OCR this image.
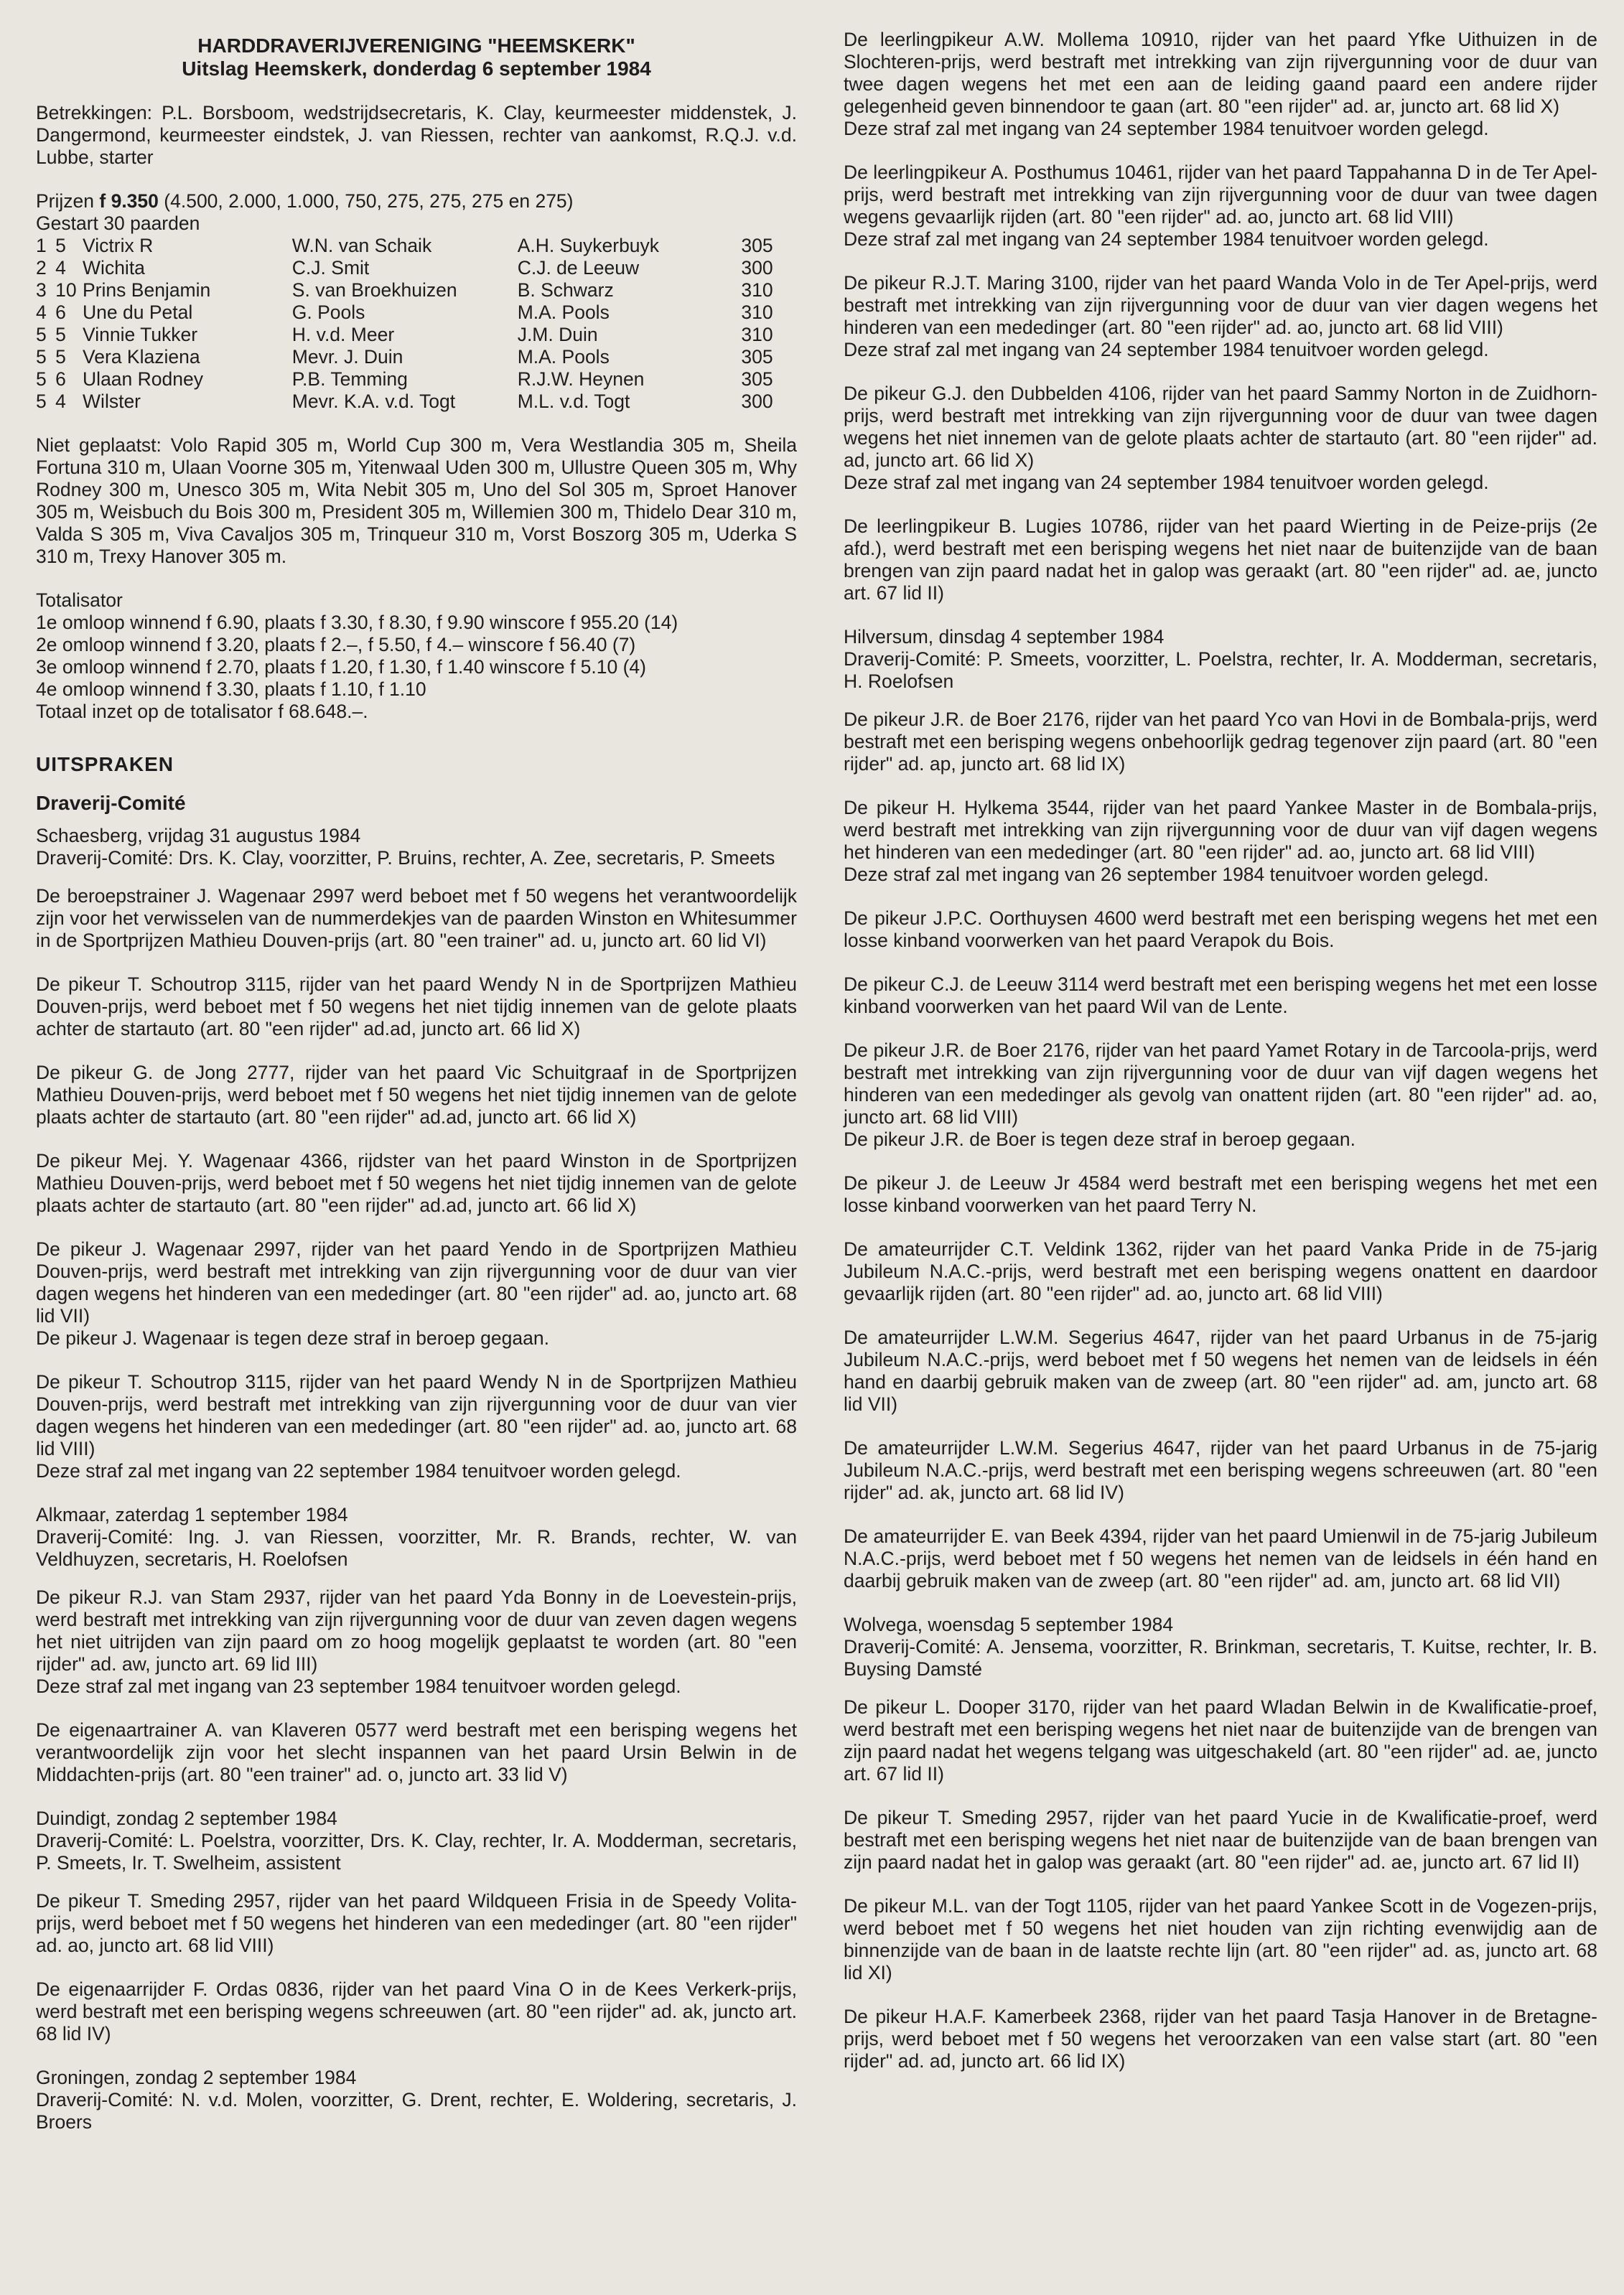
HARDDRAVERIJVERENIGING "HEEMSKERK"
Uitslag Heemskerk, donderdag 6 september 1984

Betrekkingen: P.L. Borsboom, wedstrijdsecretaris, K. Clay, keurmeester middenstek, J. Dangermond, keurmeester eindstek, J. van Riessen, rechter van aankomst, R.Q.J. v.d. Lubbe, starter

Prijzen f 9.350 (4.500, 2.000, 1.000, 750, 275, 275, 275 en 275)
Gestart 30 paarden
1	5	Victrix R	W.N. van Schaik	A.H. Suykerbuyk	305
2	4	Wichita	C.J. Smit	C.J. de Leeuw	300
3	10	Prins Benjamin	S. van Broekhuizen	B. Schwarz	310
4	6	Une du Petal	G. Pools	M.A. Pools	310
5	5	Vinnie Tukker	H. v.d. Meer	J.M. Duin	310
5	5	Vera Klaziena	Mevr. J. Duin	M.A. Pools	305
5	6	Ulaan Rodney	P.B. Temming	R.J.W. Heynen	305
5	4	Wilster	Mevr. K.A. v.d. Togt	M.L. v.d. Togt	300

Niet geplaatst: Volo Rapid 305 m, World Cup 300 m, Vera Westlandia 305 m, Sheila Fortuna 310 m, Ulaan Voorne 305 m, Yitenwaal Uden 300 m, Ullustre Queen 305 m, Why Rodney 300 m, Unesco 305 m, Wita Nebit 305 m, Uno del Sol 305 m, Sproet Hanover 305 m, Weisbuch du Bois 300 m, President 305 m, Willemien 300 m, Thidelo Dear 310 m, Valda S 305 m, Viva Cavaljos 305 m, Trinqueur 310 m, Vorst Boszorg 305 m, Uderka S 310 m, Trexy Hanover 305 m.

Totalisator
1e omloop winnend f 6.90, plaats f 3.30, f 8.30, f 9.90 winscore f 955.20 (14)
2e omloop winnend f 3.20, plaats f 2.–, f 5.50, f 4.– winscore f 56.40 (7)
3e omloop winnend f 2.70, plaats f 1.20, f 1.30, f 1.40 winscore f 5.10 (4)
4e omloop winnend f 3.30, plaats f 1.10, f 1.10
Totaal inzet op de totalisator f 68.648.–.
UITSPRAKEN
Draverij-Comité
Schaesberg, vrijdag 31 augustus 1984

Draverij-Comité: Drs. K. Clay, voorzitter, P. Bruins, rechter, A. Zee, secretaris, P. Smeets

De beroepstrainer J. Wagenaar 2997 werd beboet met f 50 wegens het verantwoordelijk zijn voor het verwisselen van de nummerdekjes van de paarden Winston en Whitesummer in de Sportprijzen Mathieu Douven-prijs (art. 80 "een trainer" ad. u, juncto art. 60 lid VI)

De pikeur T. Schoutrop 3115, rijder van het paard Wendy N in de Sportprijzen Mathieu Douven-prijs, werd beboet met f 50 wegens het niet tijdig innemen van de gelote plaats achter de startauto (art. 80 "een rijder" ad.ad, juncto art. 66 lid X)

De pikeur G. de Jong 2777, rijder van het paard Vic Schuitgraaf in de Sportprijzen Mathieu Douven-prijs, werd beboet met f 50 wegens het niet tijdig innemen van de gelote plaats achter de startauto (art. 80 "een rijder" ad.ad, juncto art. 66 lid X)

De pikeur Mej. Y. Wagenaar 4366, rijdster van het paard Winston in de Sportprijzen Mathieu Douven-prijs, werd beboet met f 50 wegens het niet tijdig innemen van de gelote plaats achter de startauto (art. 80 "een rijder" ad.ad, juncto art. 66 lid X)

De pikeur J. Wagenaar 2997, rijder van het paard Yendo in de Sportprijzen Mathieu Douven-prijs, werd bestraft met intrekking van zijn rijvergunning voor de duur van vier dagen wegens het hinderen van een mededinger (art. 80 "een rijder" ad. ao, juncto art. 68 lid VII)
De pikeur J. Wagenaar is tegen deze straf in beroep gegaan.

De pikeur T. Schoutrop 3115, rijder van het paard Wendy N in de Sportprijzen Mathieu Douven-prijs, werd bestraft met intrekking van zijn rijvergunning voor de duur van vier dagen wegens het hinderen van een mededinger (art. 80 "een rijder" ad. ao, juncto art. 68 lid VIII)
Deze straf zal met ingang van 22 september 1984 tenuitvoer worden gelegd.

Alkmaar, zaterdag 1 september 1984

Draverij-Comité: Ing. J. van Riessen, voorzitter, Mr. R. Brands, rechter, W. van Veldhuyzen, secretaris, H. Roelofsen

De pikeur R.J. van Stam 2937, rijder van het paard Yda Bonny in de Loevestein-prijs, werd bestraft met intrekking van zijn rijvergunning voor de duur van zeven dagen wegens het niet uitrijden van zijn paard om zo hoog mogelijk geplaatst te worden (art. 80 "een rijder" ad. aw, juncto art. 69 lid III)
Deze straf zal met ingang van 23 september 1984 tenuitvoer worden gelegd.

De eigenaartrainer A. van Klaveren 0577 werd bestraft met een berisping wegens het verantwoordelijk zijn voor het slecht inspannen van het paard Ursin Belwin in de Middachten-prijs (art. 80 "een trainer" ad. o, juncto art. 33 lid V)

Duindigt, zondag 2 september 1984

Draverij-Comité: L. Poelstra, voorzitter, Drs. K. Clay, rechter, Ir. A. Modderman, secretaris, P. Smeets, Ir. T. Swelheim, assistent

De pikeur T. Smeding 2957, rijder van het paard Wildqueen Frisia in de Speedy Volita-prijs, werd beboet met f 50 wegens het hinderen van een mededinger (art. 80 "een rijder" ad. ao, juncto art. 68 lid VIII)

De eigenaarrijder F. Ordas 0836, rijder van het paard Vina O in de Kees Verkerk-prijs, werd bestraft met een berisping wegens schreeuwen (art. 80 "een rijder" ad. ak, juncto art. 68 lid IV)

Groningen, zondag 2 september 1984

Draverij-Comité: N. v.d. Molen, voorzitter, G. Drent, rechter, E. Woldering, secretaris, J. Broers

De leerlingpikeur A.W. Mollema 10910, rijder van het paard Yfke Uithuizen in de Slochteren-prijs, werd bestraft met intrekking van zijn rijvergunning voor de duur van twee dagen wegens het met een aan de leiding gaand paard een andere rijder gelegenheid geven binnendoor te gaan (art. 80 "een rijder" ad. ar, juncto art. 68 lid X)
Deze straf zal met ingang van 24 september 1984 tenuitvoer worden gelegd.

De leerlingpikeur A. Posthumus 10461, rijder van het paard Tappahanna D in de Ter Apel-prijs, werd bestraft met intrekking van zijn rijvergunning voor de duur van twee dagen wegens gevaarlijk rijden (art. 80 "een rijder" ad. ao, juncto art. 68 lid VIII)
Deze straf zal met ingang van 24 september 1984 tenuitvoer worden gelegd.

De pikeur R.J.T. Maring 3100, rijder van het paard Wanda Volo in de Ter Apel-prijs, werd bestraft met intrekking van zijn rijvergunning voor de duur van vier dagen wegens het hinderen van een mededinger (art. 80 "een rijder" ad. ao, juncto art. 68 lid VIII)
Deze straf zal met ingang van 24 september 1984 tenuitvoer worden gelegd.

De pikeur G.J. den Dubbelden 4106, rijder van het paard Sammy Norton in de Zuidhorn-prijs, werd bestraft met intrekking van zijn rijvergunning voor de duur van twee dagen wegens het niet innemen van de gelote plaats achter de startauto (art. 80 "een rijder" ad. ad, juncto art. 66 lid X)
Deze straf zal met ingang van 24 september 1984 tenuitvoer worden gelegd.

De leerlingpikeur B. Lugies 10786, rijder van het paard Wierting in de Peize-prijs (2e afd.), werd bestraft met een berisping wegens het niet naar de buitenzijde van de baan brengen van zijn paard nadat het in galop was geraakt (art. 80 "een rijder" ad. ae, juncto art. 67 lid II)

Hilversum, dinsdag 4 september 1984

Draverij-Comité: P. Smeets, voorzitter, L. Poelstra, rechter, Ir. A. Modderman, secretaris, H. Roelofsen

De pikeur J.R. de Boer 2176, rijder van het paard Yco van Hovi in de Bombala-prijs, werd bestraft met een berisping wegens onbehoorlijk gedrag tegenover zijn paard (art. 80 "een rijder" ad. ap, juncto art. 68 lid IX)

De pikeur H. Hylkema 3544, rijder van het paard Yankee Master in de Bombala-prijs, werd bestraft met intrekking van zijn rijvergunning voor de duur van vijf dagen wegens het hinderen van een mededinger (art. 80 "een rijder" ad. ao, juncto art. 68 lid VIII)
Deze straf zal met ingang van 26 september 1984 tenuitvoer worden gelegd.

De pikeur J.P.C. Oorthuysen 4600 werd bestraft met een berisping wegens het met een losse kinband voorwerken van het paard Verapok du Bois.

De pikeur C.J. de Leeuw 3114 werd bestraft met een berisping wegens het met een losse kinband voorwerken van het paard Wil van de Lente.

De pikeur J.R. de Boer 2176, rijder van het paard Yamet Rotary in de Tarcoola-prijs, werd bestraft met intrekking van zijn rijvergunning voor de duur van vijf dagen wegens het hinderen van een mededinger als gevolg van onattent rijden (art. 80 "een rijder" ad. ao, juncto art. 68 lid VIII)
De pikeur J.R. de Boer is tegen deze straf in beroep gegaan.

De pikeur J. de Leeuw Jr 4584 werd bestraft met een berisping wegens het met een losse kinband voorwerken van het paard Terry N.

De amateurrijder C.T. Veldink 1362, rijder van het paard Vanka Pride in de 75-jarig Jubileum N.A.C.-prijs, werd bestraft met een berisping wegens onattent en daardoor gevaarlijk rijden (art. 80 "een rijder" ad. ao, juncto art. 68 lid VIII)

De amateurrijder L.W.M. Segerius 4647, rijder van het paard Urbanus in de 75-jarig Jubileum N.A.C.-prijs, werd beboet met f 50 wegens het nemen van de leidsels in één hand en daarbij gebruik maken van de zweep (art. 80 "een rijder" ad. am, juncto art. 68 lid VII)

De amateurrijder L.W.M. Segerius 4647, rijder van het paard Urbanus in de 75-jarig Jubileum N.A.C.-prijs, werd bestraft met een berisping wegens schreeuwen (art. 80 "een rijder" ad. ak, juncto art. 68 lid IV)

De amateurrijder E. van Beek 4394, rijder van het paard Umienwil in de 75-jarig Jubileum N.A.C.-prijs, werd beboet met f 50 wegens het nemen van de leidsels in één hand en daarbij gebruik maken van de zweep (art. 80 "een rijder" ad. am, juncto art. 68 lid VII)

Wolvega, woensdag 5 september 1984

Draverij-Comité: A. Jensema, voorzitter, R. Brinkman, secretaris, T. Kuitse, rechter, Ir. B. Buysing Damsté

De pikeur L. Dooper 3170, rijder van het paard Wladan Belwin in de Kwalificatie-proef, werd bestraft met een berisping wegens het niet naar de buitenzijde van de brengen van zijn paard nadat het wegens telgang was uitgeschakeld (art. 80 "een rijder" ad. ae, juncto art. 67 lid II)

De pikeur T. Smeding 2957, rijder van het paard Yucie in de Kwalificatie-proef, werd bestraft met een berisping wegens het niet naar de buitenzijde van de baan brengen van zijn paard nadat het in galop was geraakt (art. 80 "een rijder" ad. ae, juncto art. 67 lid II)

De pikeur M.L. van der Togt 1105, rijder van het paard Yankee Scott in de Vogezen-prijs, werd beboet met f 50 wegens het niet houden van zijn richting evenwijdig aan de binnenzijde van de baan in de laatste rechte lijn (art. 80 "een rijder" ad. as, juncto art. 68 lid XI)

De pikeur H.A.F. Kamerbeek 2368, rijder van het paard Tasja Hanover in de Bretagne-prijs, werd beboet met f 50 wegens het veroorzaken van een valse start (art. 80 "een rijder" ad. ad, juncto art. 66 lid IX)
